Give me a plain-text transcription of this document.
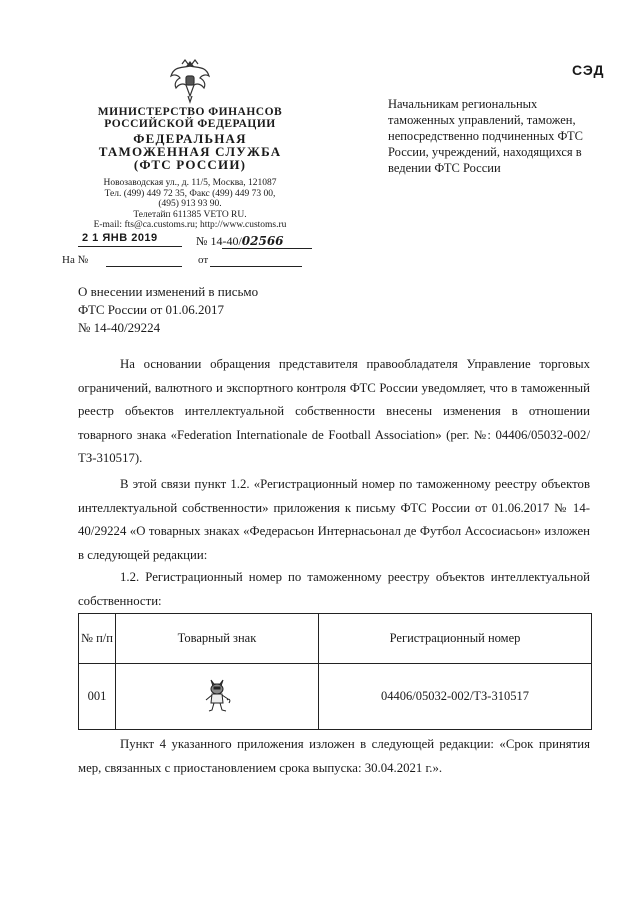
СЭД
МИНИСТЕРСТВО ФИНАНСОВ
РОССИЙСКОЙ ФЕДЕРАЦИИ
ФЕДЕРАЛЬНАЯ
ТАМОЖЕННАЯ СЛУЖБА
(ФТС РОССИИ)
Новозаводская ул., д. 11/5, Москва, 121087
Тел. (499) 449 72 35, Факс (499) 449 73 00,
(495) 913 93 90.
Телетайп 611385 VETO RU.
E-mail: fts@ca.customs.ru; http://www.customs.ru
2 1 ЯНВ 2019	№ 14-40/02566
На №	от
Начальникам региональных таможенных управлений, таможен, непосредственно подчиненных ФТС России, учреждений, находящихся в ведении ФТС России
О внесении изменений в письмо
ФТС России от 01.06.2017
№ 14-40/29224
На основании обращения представителя правообладателя Управление торговых ограничений, валютного и экспортного контроля ФТС России уведомляет, что в таможенный реестр объектов интеллектуальной собственности внесены изменения в отношении товарного знака «Federation Internationale de Football Association» (рег. №: 04406/05032-002/ТЗ-310517).
В этой связи пункт 1.2. «Регистрационный номер по таможенному реестру объектов интеллектуальной собственности» приложения к письму ФТС России от 01.06.2017 № 14-40/29224 «О товарных знаках «Федерасьон Интернасьонал де Футбол Ассосиасьон» изложен в следующей редакции:
1.2. Регистрационный номер по таможенному реестру объектов интеллектуальной собственности:
№ п/п	Товарный знак	Регистрационный номер
001		04406/05032-002/ТЗ-310517
Пункт 4 указанного приложения изложен в следующей редакции: «Срок принятия мер, связанных с приостановлением срока выпуска: 30.04.2021 г.».
